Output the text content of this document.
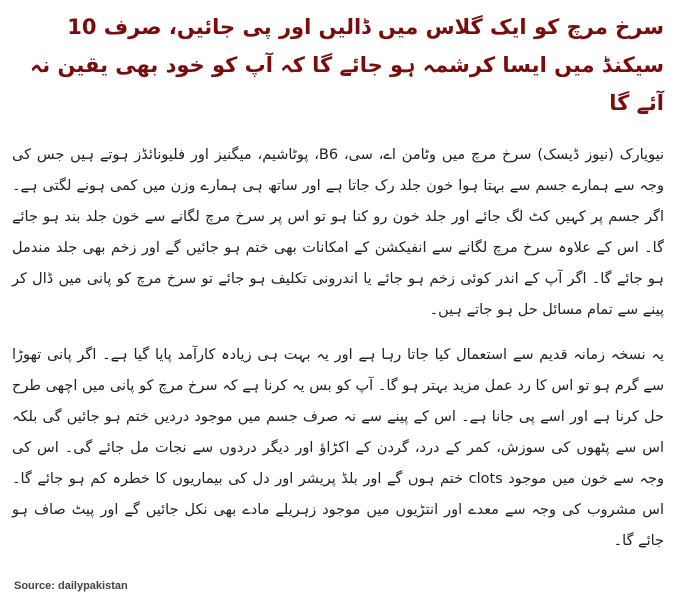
سرخ مرچ کو ایک گلاس میں ڈالیں اور پی جائیں، صرف 10 سیکنڈ میں ایسا کرشمہ ہو جائے گا کہ آپ کو خود بھی یقین نہ آئے گا

نیویارک (نیوز ڈیسک) سرخ مرچ میں وٹامن اے، سی، B6، پوٹاشیم، میگنیز اور فلیونائڈز ہوتے ہیں جس کی وجہ سے ہمارے جسم سے بہتا ہوا خون جلد رک جاتا ہے اور ساتھ ہی ہمارے وزن میں کمی ہونے لگتی ہے۔ اگر جسم پر کہیں کٹ لگ جائے اور جلد خون رو کنا ہو تو اس پر سرخ مرچ لگانے سے خون جلد بند ہو جائے گا۔ اس کے علاوہ سرخ مرچ لگانے سے انفیکشن کے امکانات بھی ختم ہو جائیں گے اور زخم بھی جلد مندمل ہو جائے گا۔ اگر آپ کے اندر کوئی زخم ہو جائے یا اندرونی تکلیف ہو جائے تو سرخ مرچ کو پانی میں ڈال کر پینے سے تمام مسائل حل ہو جاتے ہیں۔

یہ نسخہ زمانہ قدیم سے استعمال کیا جاتا رہا ہے اور یہ بہت ہی زیادہ کارآمد پایا گیا ہے۔ اگر پانی تھوڑا سے گرم ہو تو اس کا رد عمل مزید بہتر ہو گا۔ آپ کو بس یہ کرنا ہے کہ سرخ مرچ کو پانی میں اچھی طرح حل کرنا ہے اور اسے پی جانا ہے۔ اس کے پینے سے نہ صرف جسم میں موجود دردیں ختم ہو جائیں گی بلکہ اس سے پٹھوں کی سوزش، کمر کے درد، گردن کے اکڑاؤ اور دیگر دردوں سے نجات مل جائے گی۔ اس کی وجہ سے خون میں موجود clots ختم ہوں گے اور بلڈ پریشر اور دل کی بیماریوں کا خطرہ کم ہو جائے گا۔ اس مشروب کی وجہ سے معدے اور انتڑیوں میں موجود زہریلے مادے بھی نکل جائیں گے اور پیٹ صاف ہو جائے گا۔

Source: dailypakistan
